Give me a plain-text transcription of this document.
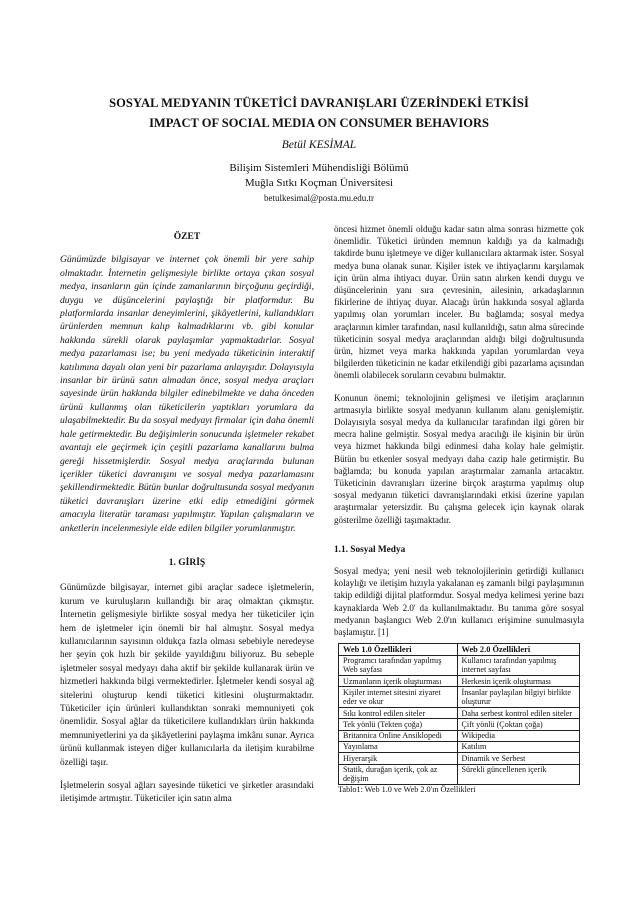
SOSYAL MEDYANIN TÜKETİCİ DAVRANIŞLARI ÜZERİNDEKİ ETKİSİ
IMPACT OF SOCIAL MEDIA ON CONSUMER BEHAVIORS
Betül KESİMAL
Bilişim Sistemleri Mühendisliği Bölümü
Muğla Sıtkı Koçman Üniversitesi
betulkesimal@posta.mu.edu.tr
ÖZET

Günümüzde bilgisayar ve internet çok önemli bir yere sahip olmaktadır. İnternetin gelişmesiyle birlikte ortaya çıkan sosyal medya, insanların gün içinde zamanlarının birçoğunu geçirdiği, duygu ve düşüncelerini paylaştığı bir platformdur. Bu platformlarda insanlar deneyimlerini, şikâyetlerini, kullandıkları ürünlerden memnun kalıp kalmadıklarını vb. gibi konular hakkında sürekli olarak paylaşımlar yapmaktadırlar. Sosyal medya pazarlaması ise; bu yeni medyada tüketicinin interaktif katılımına dayalı olan yeni bir pazarlama anlayışıdır. Dolayısıyla insanlar bir ürünü satın almadan önce, sosyal medya araçları sayesinde ürün hakkında bilgiler edinebilmekte ve daha önceden ürünü kullanmış olan tüketicilerin yaptıkları yorumlara da ulaşabilmektedir. Bu da sosyal medyayı firmalar için daha önemli hale getirmektedir. Bu değişimlerin sonucunda işletmeler rekabet avantajı ele geçirmek için çeşitli pazarlama kanallarını bulma gereği hissetmişlerdir. Sosyal medya araçlarında bulunan içerikler tüketici davranışını ve sosyal medya pazarlamasını şekillendirmektedir. Bütün bunlar doğrultusunda sosyal medyanın tüketici davranışları üzerine etki edip etmediğini görmek amacıyla literatür taraması yapılmıştır. Yapılan çalışmaların ve anketlerin incelenmesiyle elde edilen bilgiler yorumlanmıştır.

1. GİRİŞ

Günümüzde bilgisayar, internet gibi araçlar sadece işletmelerin, kurum ve kuruluşların kullandığı bir araç olmaktan çıkmıştır. İnternetin gelişmesiyle birlikte sosyal medya her tüketiciler için hem de işletmeler için önemli bir hal almıştır. Sosyal medya kullanıcılarının sayısının oldukça fazla olması sebebiyle neredeyse her şeyin çok hızlı bir şekilde yayıldığını biliyoruz. Bu sebeple işletmeler sosyal medyayı daha aktif bir şekilde kullanarak ürün ve hizmetleri hakkında bilgi vermektedirler. İşletmeler kendi sosyal ağ sitelerini oluşturup kendi tüketici kitlesini oluşturmaktadır. Tüketiciler için ürünleri kullandıktan sonraki memnuniyeti çok önemlidir. Sosyal ağlar da tüketicilere kullandıkları ürün hakkında memnuniyetlerini ya da şikâyetlerini paylaşma imkânı sunar. Ayrıca ürünü kullanmak isteyen diğer kullanıcılarla da iletişim kurabilme özelliği taşır.

İşletmelerin sosyal ağları sayesinde tüketici ve şirketler arasındaki iletişimde artmıştır. Tüketiciler için satın alma

öncesi hizmet önemli olduğu kadar satın alma sonrası hizmette çok önemlidir. Tüketici üründen memnun kaldığı ya da kalmadığı takdirde bunu işletmeye ve diğer kullanıcılara aktarmak ister. Sosyal medya buna olanak sunar. Kişiler istek ve ihtiyaçlarını karşılamak için ürün alma ihtiyacı duyar. Ürün satın alırken kendi duygu ve düşüncelerinin yanı sıra çevresinin, ailesinin, arkadaşlarının fikirlerine de ihtiyaç duyar. Alacağı ürün hakkında sosyal ağlarda yapılmış olan yorumları inceler. Bu bağlamda; sosyal medya araçlarının kimler tarafından, nasıl kullanıldığı, satın alma sürecinde tüketicinin sosyal medya araçlarından aldığı bilgi doğrultusunda ürün, hizmet veya marka hakkında yapılan yorumlardan veya bilgilerden tüketicinin ne kadar etkilendiği gibi pazarlama açısından önemli olabilecek soruların cevabını bulmaktır.

Konunun önemi; teknolojinin gelişmesi ve iletişim araçlarının artmasıyla birlikte sosyal medyanın kullanım alanı genişlemiştir. Dolayısıyla sosyal medya da kullanıcılar tarafından ilgi gören bir mecra haline gelmiştir. Sosyal medya aracılığı ile kişinin bir ürün veya hizmet hakkında bilgi edinmesi daha kolay hale gelmiştir. Bütün bu etkenler sosyal medyayı daha cazip hale getirmiştir. Bu bağlamda; bu konuda yapılan araştırmalar zamanla artacaktır. Tüketicinin davranışları üzerine birçok araştırma yapılmış olup sosyal medyanın tüketici davranışlarındaki etkisi üzerine yapılan araştırmalar yetersizdir. Bu çalışma gelecek için kaynak olarak gösterilme özelliği taşımaktadır.

1.1. Sosyal Medya

Sosyal medya; yeni nesil web teknolojilerinin getirdiği kullanıcı kolaylığı ve iletişim hızıyla yakalanan eş zamanlı bilgi paylaşımının takip edildiği dijital platformdur. Sosyal medya kelimesi yerine bazı kaynaklarda Web 2.0' da kullanılmaktadır. Bu tanıma göre sosyal medyanın başlangıcı Web 2.0'ın kullanıcı erişimine sunulmasıyla başlamıştır. [1]

Web 1.0 Özellikleri	Web 2.0 Özellikleri
Programcı tarafından yapılmış Web sayfası	Kullanıcı tarafından yapılmış internet sayfası
Uzmanların içerik oluşturması	Herkesin içerik oluşturması
Kişiler internet sitesini ziyaret eder ve okur	İnsanlar paylaşılan bilgiyi birlikte oluşturur
Sıkı kontrol edilen siteler	Daha serbest kontrol edilen siteler
Tek yönlü (Tekten çoğa)	Çift yönlü (Çoktan çoğa)
Britannica Online Ansiklopedi	Wikipedia
Yayınlama	Katılım
Hiyerarşik	Dinamik ve Serbest
Statik, durağan içerik, çok az değişim	Sürekli güncellenen içerik
Tablo1: Web 1.0 ve Web 2.0'ın Özellikleri
